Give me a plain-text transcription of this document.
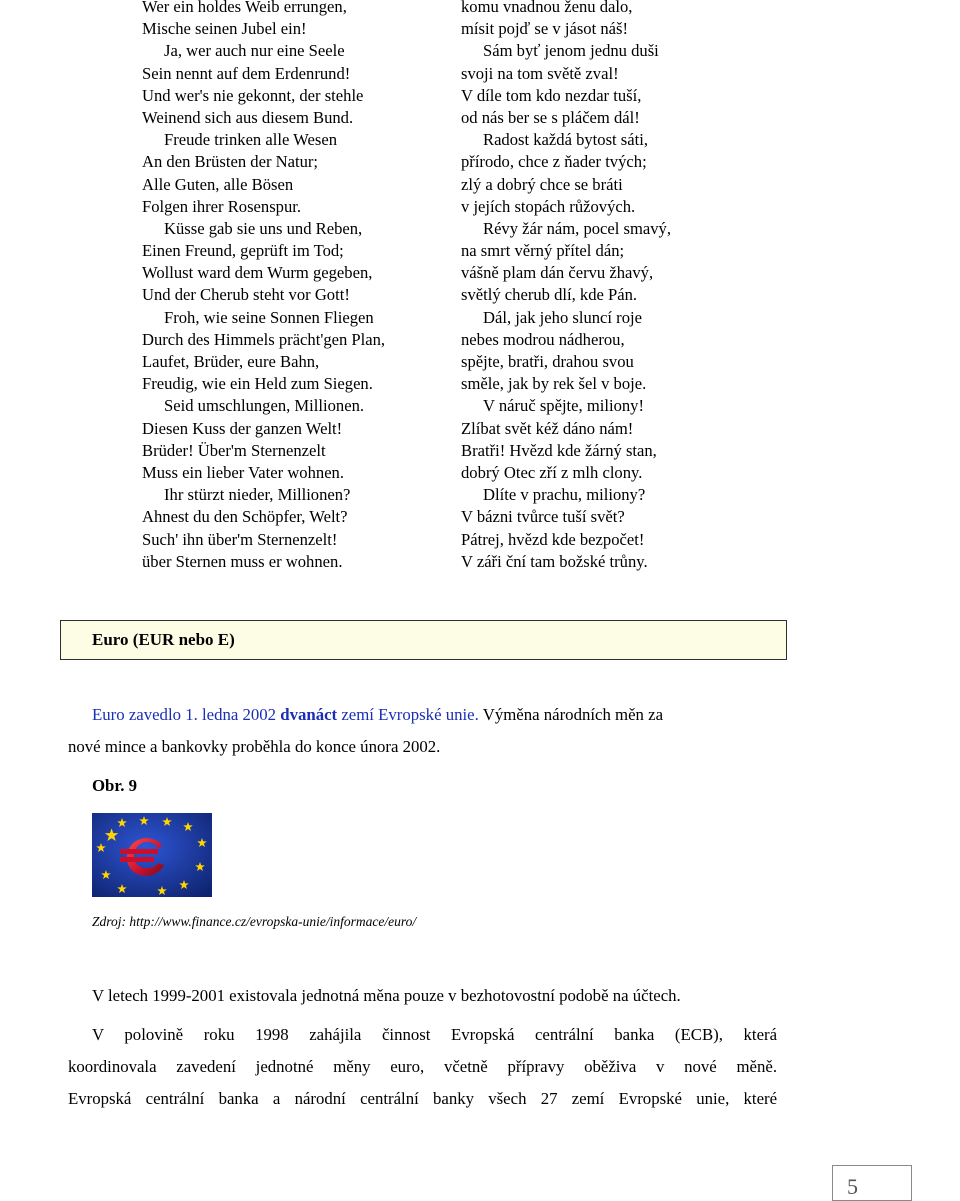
Wer ein holdes Weib errungen,
Mische seinen Jubel ein!
Ja, wer auch nur eine Seele
Sein nennt auf dem Erdenrund!
Und wer's nie gekonnt, der stehle
Weinend sich aus diesem Bund.
Freude trinken alle Wesen
An den Brüsten der Natur;
Alle Guten, alle Bösen
Folgen ihrer Rosenspur.
Küsse gab sie uns und Reben,
Einen Freund, geprüft im Tod;
Wollust ward dem Wurm gegeben,
Und der Cherub steht vor Gott!
Froh, wie seine Sonnen Fliegen
Durch des Himmels prächt'gen Plan,
Laufet, Brüder, eure Bahn,
Freudig, wie ein Held zum Siegen.
Seid umschlungen, Millionen.
Diesen Kuss der ganzen Welt!
Brüder! Über'm Sternenzelt
Muss ein lieber Vater wohnen.
Ihr stürzt nieder, Millionen?
Ahnest du den Schöpfer, Welt?
Such' ihn über'm Sternenzelt!
über Sternen muss er wohnen.
komu vnadnou ženu dalo,
mísit pojď se v jásot náš!
Sám byť jenom jednu duši
svoji na tom světě zval!
V díle tom kdo nezdar tuší,
od nás ber se s pláčem dál!
Radost každá bytost sáti,
přírodo, chce z ňader tvých;
zlý a dobrý chce se bráti
v jejích stopách růžových.
Révy žár nám, pocel smavý,
na smrt věrný přítel dán;
vášně plam dán červu žhavý,
světlý cherub dlí, kde Pán.
Dál, jak jeho sluncí roje
nebes modrou nádherou,
spějte, bratři, drahou svou
směle, jak by rek šel v boje.
V náruč spějte, miliony!
Zlíbat svět kéž dáno nám!
Bratři! Hvězd kde žárný stan,
dobrý Otec zří z mlh clony.
Dlíte v prachu, miliony?
V bázni tvůrce tuší svět?
Pátrej, hvězd kde bezpočet!
V záři ční tam božské trůny.
Euro (EUR nebo E)
Euro zavedlo 1. ledna 2002 dvanáct zemí Evropské unie. Výměna národních měn za
nové mince a bankovky proběhla do konce února 2002.
Obr. 9
Zdroj: http://www.finance.cz/evropska-unie/informace/euro/
V letech 1999-2001 existovala jednotná měna pouze v bezhotovostní podobě na účtech.
V polovině roku 1998 zahájila činnost Evropská centrální banka (ECB), která
koordinovala zavedení jednotné měny euro, včetně přípravy oběživa v nové měně.
Evropská centrální banka a národní centrální banky všech 27 zemí Evropské unie, které
5
